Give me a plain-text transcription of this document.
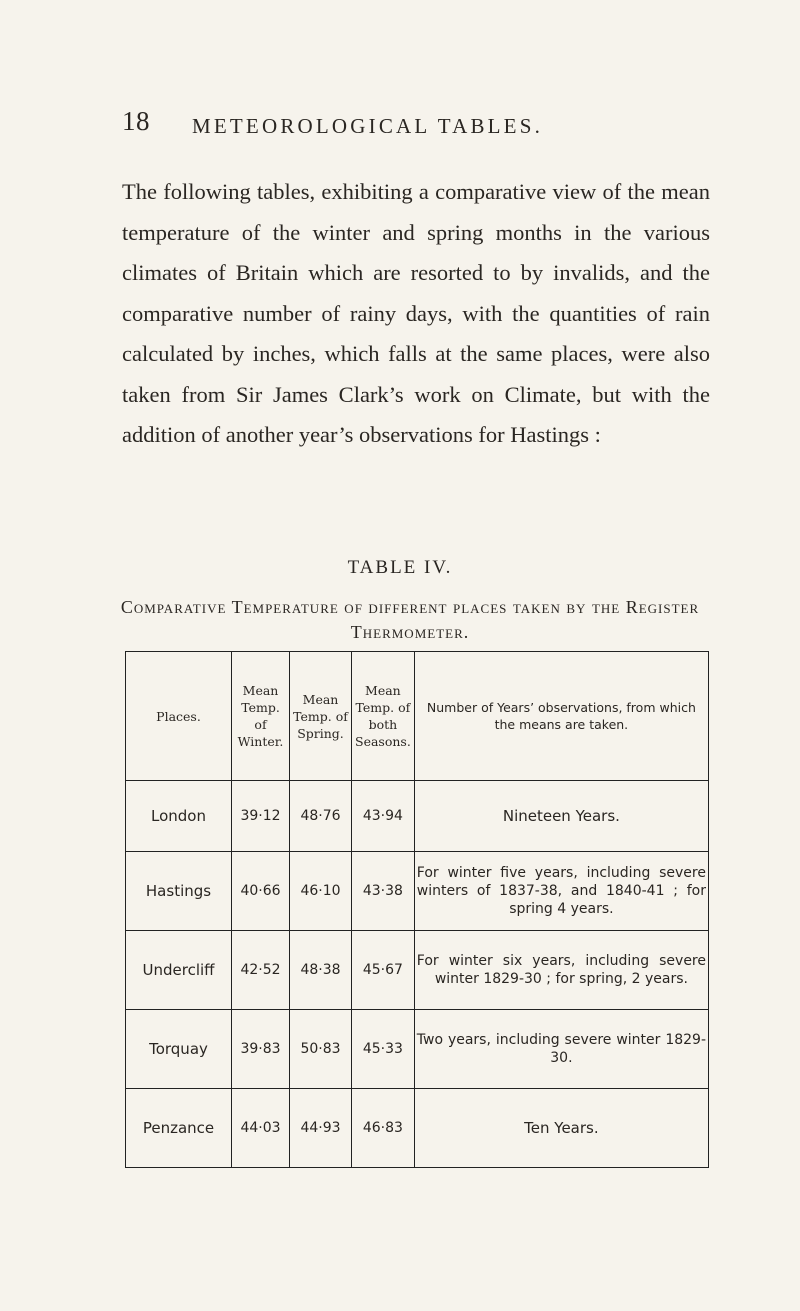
18 METEOROLOGICAL TABLES.

The following tables, exhibiting a comparative view of the mean temperature of the winter and spring months in the various climates of Britain which are resorted to by invalids, and the comparative number of rainy days, with the quantities of rain calculated by inches, which falls at the same places, were also taken from Sir James Clark’s work on Climate, but with the addition of another year’s observations for Hastings :

TABLE IV.
Comparative Temperature of different places taken by the Register Thermometer.
Places.	Mean Temp. of Winter.	Mean Temp. of Spring.	Mean Temp. of both Seasons.	Number of Years’ observations, from which the means are taken.
London	39·12	48·76	43·94	Nineteen Years.
Hastings	40·66	46·10	43·38	For winter five years, including severe winters of 1837-38, and 1840-41 ; for spring 4 years.
Undercliff	42·52	48·38	45·67	For winter six years, including severe winter 1829-30 ; for spring, 2 years.
Torquay	39·83	50·83	45·33	Two years, including severe winter 1829-30.
Penzance	44·03	44·93	46·83	Ten Years.
